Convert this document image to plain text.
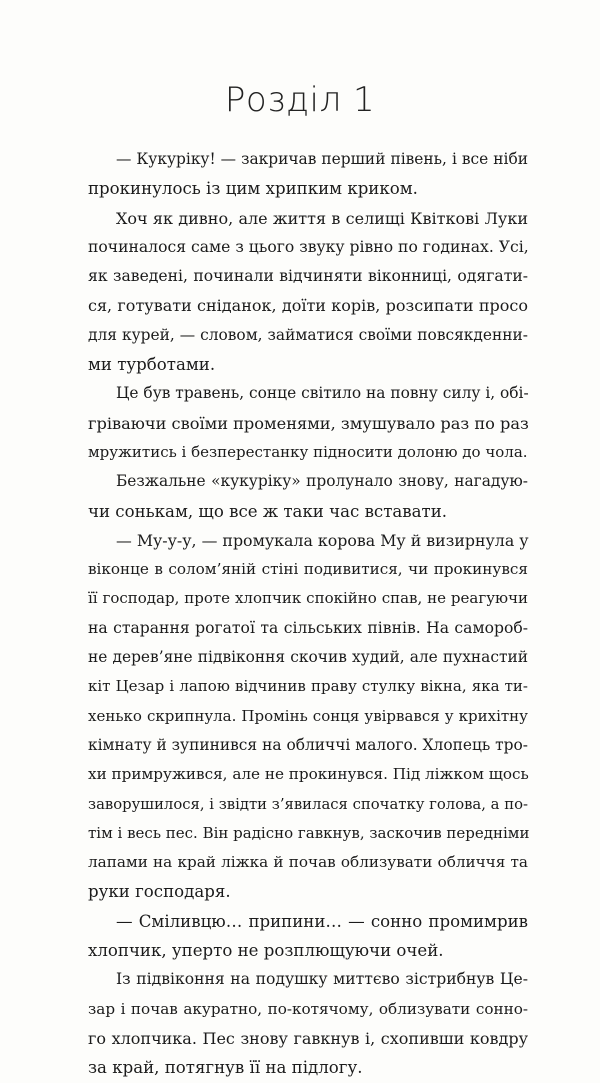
Розділ 1
— Кукуріку! — закричав перший півень, і все ніби
прокинулось із цим хрипким криком.
Хоч як дивно, але життя в селищі Квіткові Луки
починалося саме з цього звуку рівно по годинах. Усі,
як заведені, починали відчиняти віконниці, одягати-
ся, готувати сніданок, доїти корів, розсипати просо
для курей, — словом, займатися своїми повсякденни-
ми турботами.
Це був травень, сонце світило на повну силу і, обі-
гріваючи своїми променями, змушувало раз по раз
мружитись і безперестанку підносити долоню до чола.
Безжальне «кукуріку» пролунало знову, нагадую-
чи сонькам, що все ж таки час вставати.
— Му-у-у, — промукала корова Му й визирнула у
віконце в солом’яній стіні подивитися, чи прокинувся
її господар, проте хлопчик спокійно спав, не реагуючи
на старання рогатої та сільських півнів. На самороб-
не дерев’яне підвіконня скочив худий, але пухнастий
кіт Цезар і лапою відчинив праву стулку вікна, яка ти-
хенько скрипнула. Промінь сонця увірвався у крихітну
кімнату й зупинився на обличчі малого. Хлопець тро-
хи примружився, але не прокинувся. Під ліжком щось
заворушилося, і звідти з’явилася спочатку голова, а по-
тім і весь пес. Він радісно гавкнув, заскочив передніми
лапами на край ліжка й почав облизувати обличчя та
руки господаря.
— Сміливцю… припини… — сонно промимрив
хлопчик, уперто не розплющуючи очей.
Із підвіконня на подушку миттєво зістрибнув Це-
зар і почав акуратно, по-котячому, облизувати сонно-
го хлопчика. Пес знову гавкнув і, схопивши ковдру
за край, потягнув її на підлогу.
